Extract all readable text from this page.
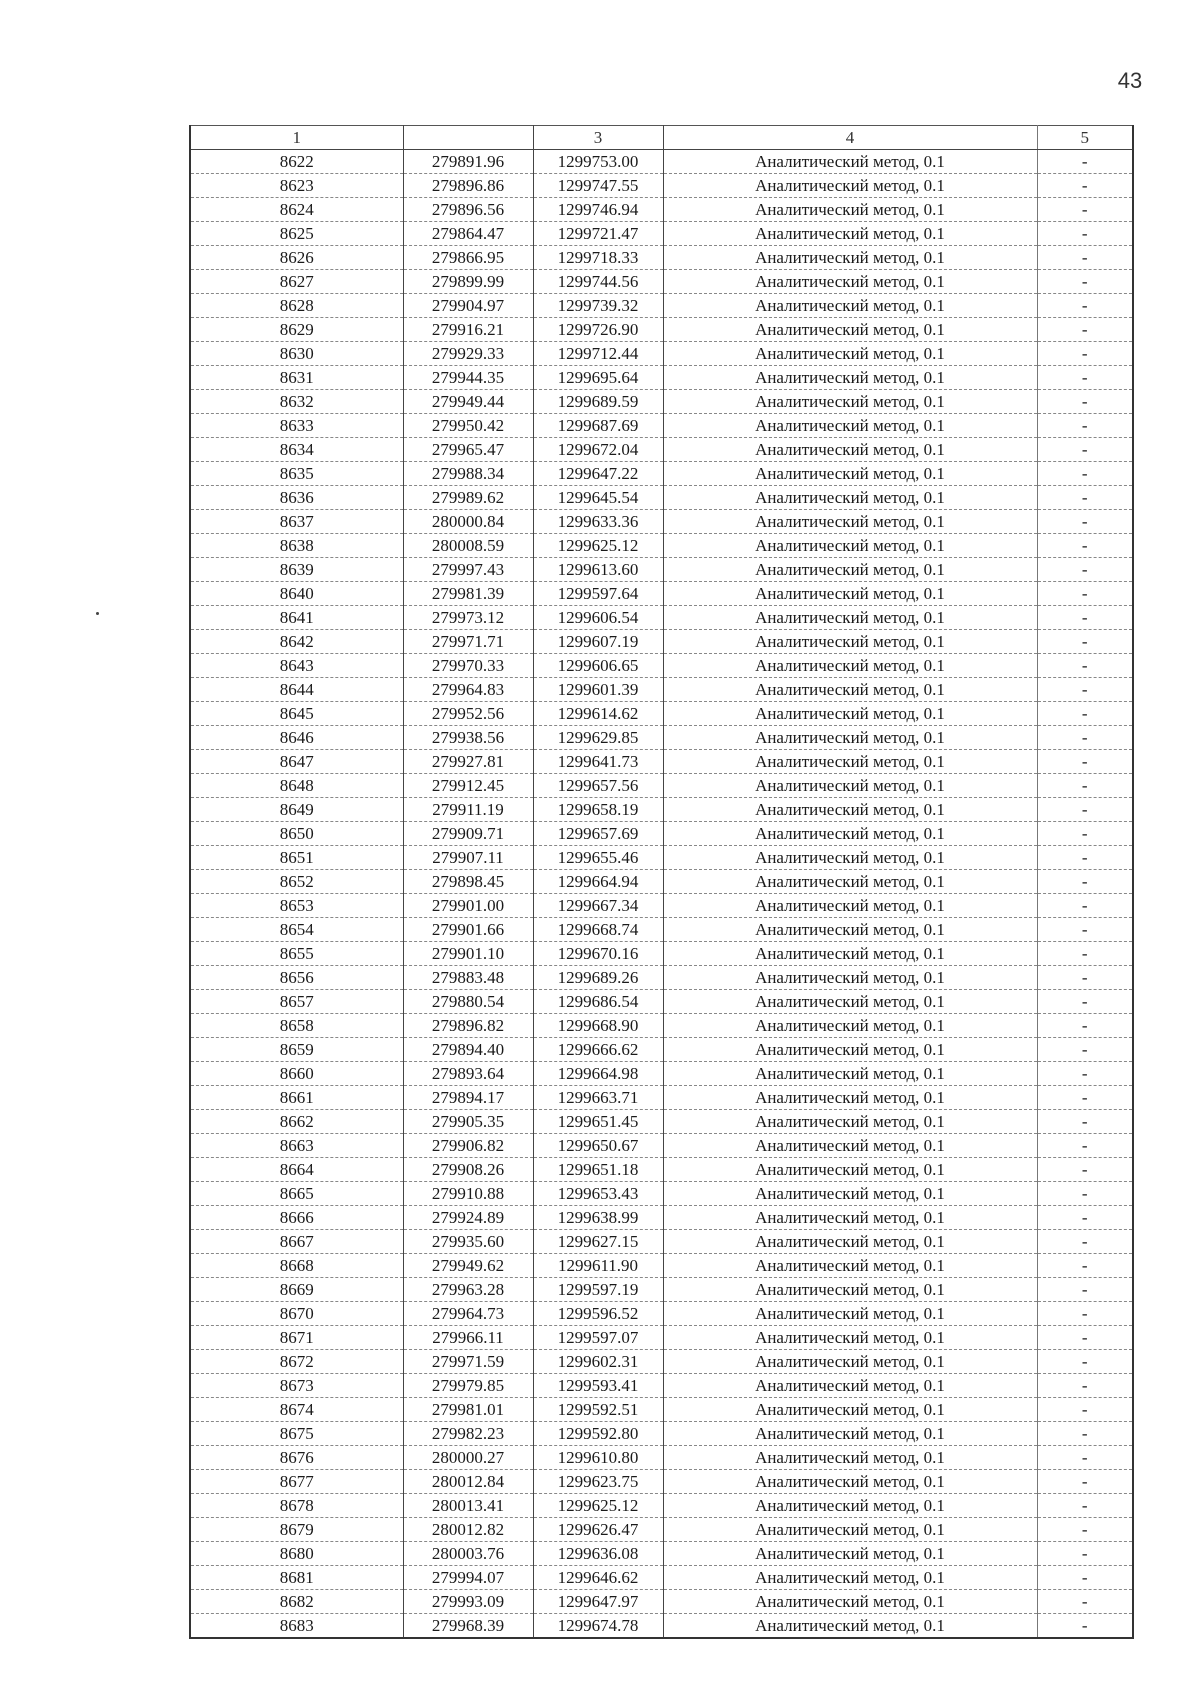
43
1		3	4	5
8622	279891.96	1299753.00	Аналитический метод, 0.1	-
8623	279896.86	1299747.55	Аналитический метод, 0.1	-
8624	279896.56	1299746.94	Аналитический метод, 0.1	-
8625	279864.47	1299721.47	Аналитический метод, 0.1	-
8626	279866.95	1299718.33	Аналитический метод, 0.1	-
8627	279899.99	1299744.56	Аналитический метод, 0.1	-
8628	279904.97	1299739.32	Аналитический метод, 0.1	-
8629	279916.21	1299726.90	Аналитический метод, 0.1	-
8630	279929.33	1299712.44	Аналитический метод, 0.1	-
8631	279944.35	1299695.64	Аналитический метод, 0.1	-
8632	279949.44	1299689.59	Аналитический метод, 0.1	-
8633	279950.42	1299687.69	Аналитический метод, 0.1	-
8634	279965.47	1299672.04	Аналитический метод, 0.1	-
8635	279988.34	1299647.22	Аналитический метод, 0.1	-
8636	279989.62	1299645.54	Аналитический метод, 0.1	-
8637	280000.84	1299633.36	Аналитический метод, 0.1	-
8638	280008.59	1299625.12	Аналитический метод, 0.1	-
8639	279997.43	1299613.60	Аналитический метод, 0.1	-
8640	279981.39	1299597.64	Аналитический метод, 0.1	-
8641	279973.12	1299606.54	Аналитический метод, 0.1	-
8642	279971.71	1299607.19	Аналитический метод, 0.1	-
8643	279970.33	1299606.65	Аналитический метод, 0.1	-
8644	279964.83	1299601.39	Аналитический метод, 0.1	-
8645	279952.56	1299614.62	Аналитический метод, 0.1	-
8646	279938.56	1299629.85	Аналитический метод, 0.1	-
8647	279927.81	1299641.73	Аналитический метод, 0.1	-
8648	279912.45	1299657.56	Аналитический метод, 0.1	-
8649	279911.19	1299658.19	Аналитический метод, 0.1	-
8650	279909.71	1299657.69	Аналитический метод, 0.1	-
8651	279907.11	1299655.46	Аналитический метод, 0.1	-
8652	279898.45	1299664.94	Аналитический метод, 0.1	-
8653	279901.00	1299667.34	Аналитический метод, 0.1	-
8654	279901.66	1299668.74	Аналитический метод, 0.1	-
8655	279901.10	1299670.16	Аналитический метод, 0.1	-
8656	279883.48	1299689.26	Аналитический метод, 0.1	-
8657	279880.54	1299686.54	Аналитический метод, 0.1	-
8658	279896.82	1299668.90	Аналитический метод, 0.1	-
8659	279894.40	1299666.62	Аналитический метод, 0.1	-
8660	279893.64	1299664.98	Аналитический метод, 0.1	-
8661	279894.17	1299663.71	Аналитический метод, 0.1	-
8662	279905.35	1299651.45	Аналитический метод, 0.1	-
8663	279906.82	1299650.67	Аналитический метод, 0.1	-
8664	279908.26	1299651.18	Аналитический метод, 0.1	-
8665	279910.88	1299653.43	Аналитический метод, 0.1	-
8666	279924.89	1299638.99	Аналитический метод, 0.1	-
8667	279935.60	1299627.15	Аналитический метод, 0.1	-
8668	279949.62	1299611.90	Аналитический метод, 0.1	-
8669	279963.28	1299597.19	Аналитический метод, 0.1	-
8670	279964.73	1299596.52	Аналитический метод, 0.1	-
8671	279966.11	1299597.07	Аналитический метод, 0.1	-
8672	279971.59	1299602.31	Аналитический метод, 0.1	-
8673	279979.85	1299593.41	Аналитический метод, 0.1	-
8674	279981.01	1299592.51	Аналитический метод, 0.1	-
8675	279982.23	1299592.80	Аналитический метод, 0.1	-
8676	280000.27	1299610.80	Аналитический метод, 0.1	-
8677	280012.84	1299623.75	Аналитический метод, 0.1	-
8678	280013.41	1299625.12	Аналитический метод, 0.1	-
8679	280012.82	1299626.47	Аналитический метод, 0.1	-
8680	280003.76	1299636.08	Аналитический метод, 0.1	-
8681	279994.07	1299646.62	Аналитический метод, 0.1	-
8682	279993.09	1299647.97	Аналитический метод, 0.1	-
8683	279968.39	1299674.78	Аналитический метод, 0.1	-
